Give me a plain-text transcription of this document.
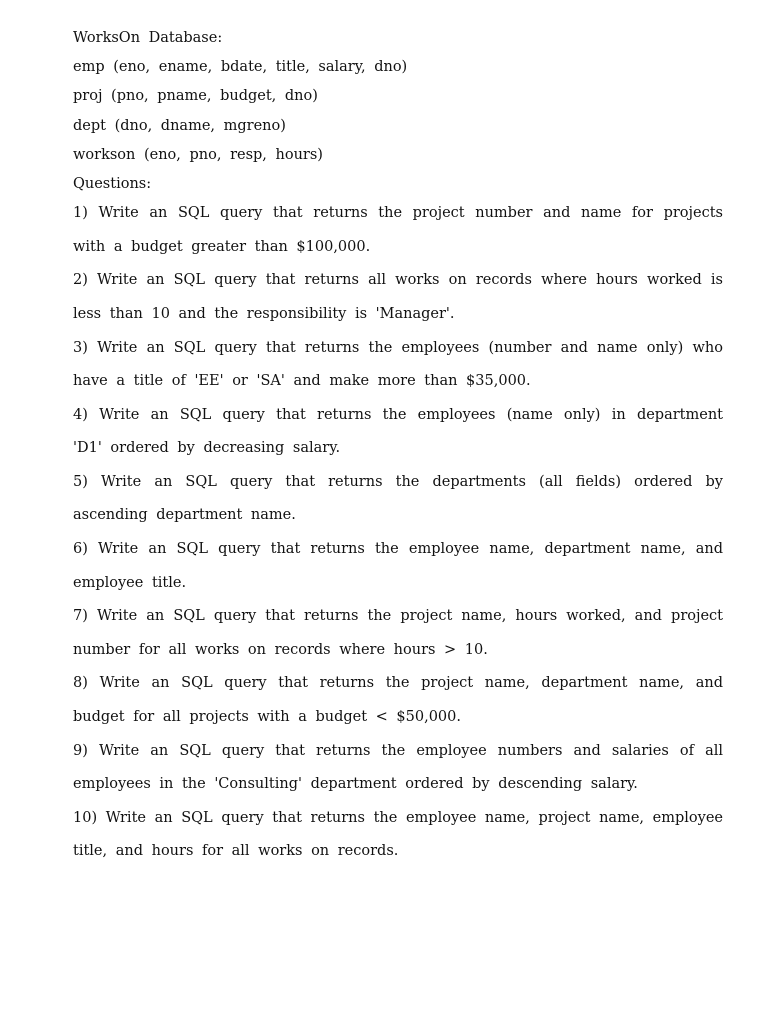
WorksOn Database:
emp (eno, ename, bdate, title, salary, dno)
proj (pno, pname, budget, dno)
dept (dno, dname, mgreno)
workson (eno, pno, resp, hours)
Questions:
1) Write an SQL query that returns the project number and name for projects
with a budget greater than $100,000.
2) Write an SQL query that returns all works on records where hours worked is
less than 10 and the responsibility is 'Manager'.
3) Write an SQL query that returns the employees (number and name only) who
have a title of 'EE' or 'SA' and make more than $35,000.
4) Write an SQL query that returns the employees (name only) in department
'D1' ordered by decreasing salary.
5) Write an SQL query that returns the departments (all fields) ordered by
ascending department name.
6) Write an SQL query that returns the employee name, department name, and
employee title.
7) Write an SQL query that returns the project name, hours worked, and project
number for all works on records where hours > 10.
8) Write an SQL query that returns the project name, department name, and
budget for all projects with a budget < $50,000.
9) Write an SQL query that returns the employee numbers and salaries of all
employees in the 'Consulting' department ordered by descending salary.
10) Write an SQL query that returns the employee name, project name, employee
title, and hours for all works on records.
